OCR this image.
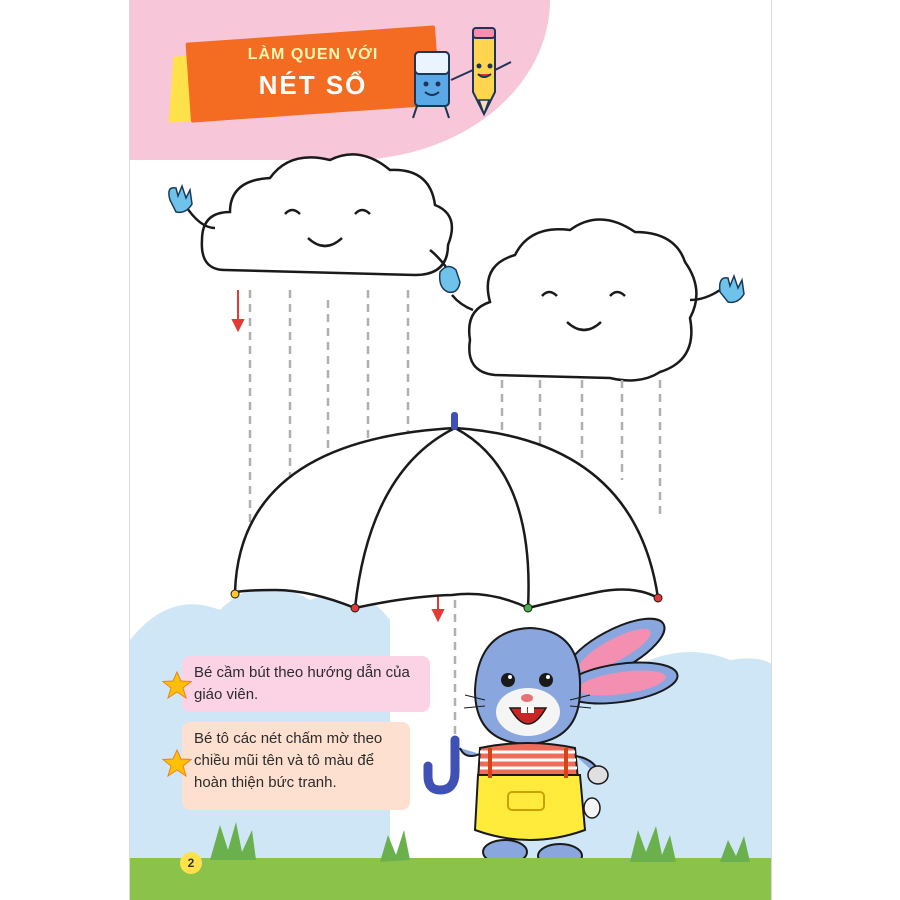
LÀM QUEN VỚI
NÉT SỔ
Bé cầm bút theo hướng dẫn của giáo viên.
Bé tô các nét chấm mờ theo chiều mũi tên và tô màu để hoàn thiện bức tranh.
2
